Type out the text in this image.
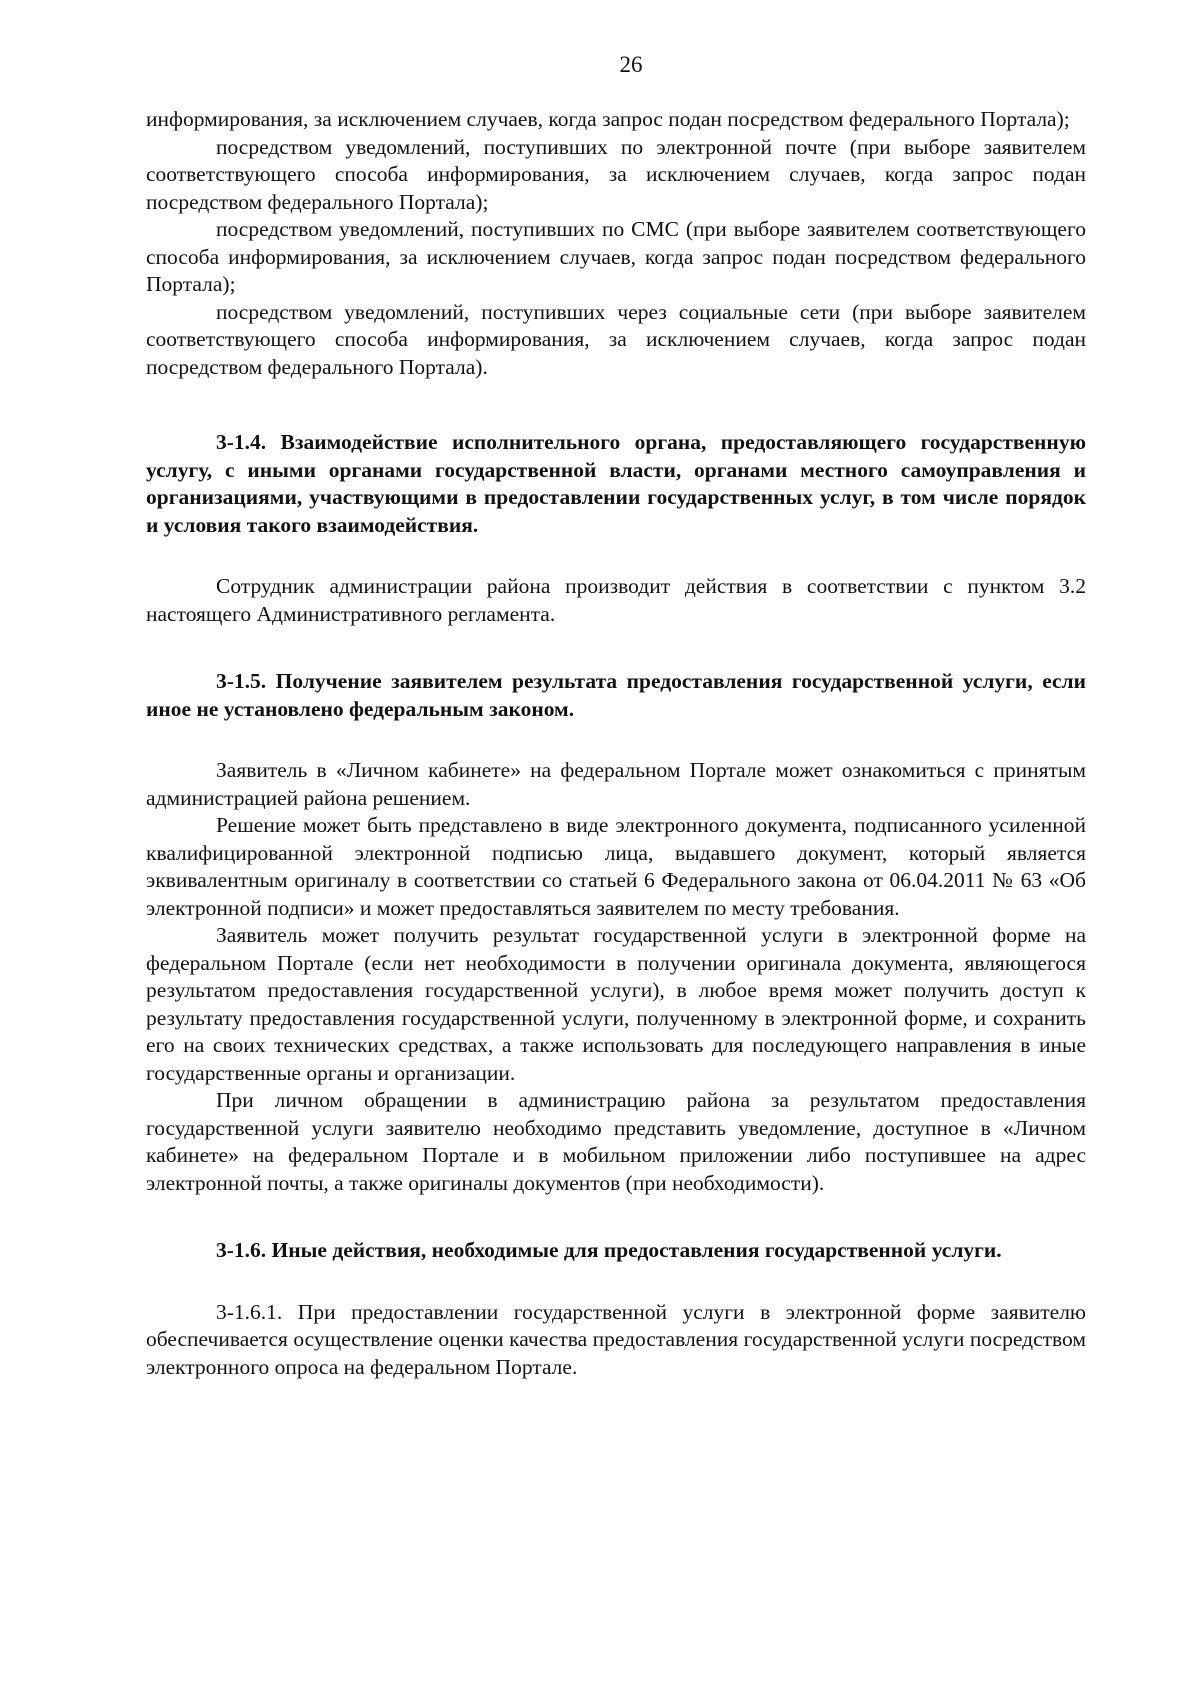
26

информирования, за исключением случаев, когда запрос подан посредством федерального Портала);

посредством уведомлений, поступивших по электронной почте (при выборе заявителем соответствующего способа информирования, за исключением случаев, когда запрос подан посредством федерального Портала);

посредством уведомлений, поступивших по СМС (при выборе заявителем соответствующего способа информирования, за исключением случаев, когда запрос подан посредством федерального Портала);

посредством уведомлений, поступивших через социальные сети (при выборе заявителем соответствующего способа информирования, за исключением случаев, когда запрос подан посредством федерального Портала).

3-1.4. Взаимодействие исполнительного органа, предоставляющего государственную услугу, с иными органами государственной власти, органами местного самоуправления и организациями, участвующими в предоставлении государственных услуг, в том числе порядок и условия такого взаимодействия.

Сотрудник администрации района производит действия в соответствии с пунктом 3.2 настоящего Административного регламента.

3-1.5. Получение заявителем результата предоставления государственной услуги, если иное не установлено федеральным законом.

Заявитель в «Личном кабинете» на федеральном Портале может ознакомиться с принятым администрацией района решением.

Решение может быть представлено в виде электронного документа, подписанного усиленной квалифицированной электронной подписью лица, выдавшего документ, который является эквивалентным оригиналу в соответствии со статьей 6 Федерального закона от 06.04.2011 № 63 «Об электронной подписи» и может предоставляться заявителем по месту требования.

Заявитель может получить результат государственной услуги в электронной форме на федеральном Портале (если нет необходимости в получении оригинала документа, являющегося результатом предоставления государственной услуги), в любое время может получить доступ к результату предоставления государственной услуги, полученному в электронной форме, и сохранить его на своих технических средствах, а также использовать для последующего направления в иные государственные органы и организации.

При личном обращении в администрацию района за результатом предоставления государственной услуги заявителю необходимо представить уведомление, доступное в «Личном кабинете» на федеральном Портале и в мобильном приложении либо поступившее на адрес электронной почты, а также оригиналы документов (при необходимости).

3-1.6. Иные действия, необходимые для предоставления государственной услуги.

3-1.6.1. При предоставлении государственной услуги в электронной форме заявителю обеспечивается осуществление оценки качества предоставления государственной услуги посредством электронного опроса на федеральном Портале.
